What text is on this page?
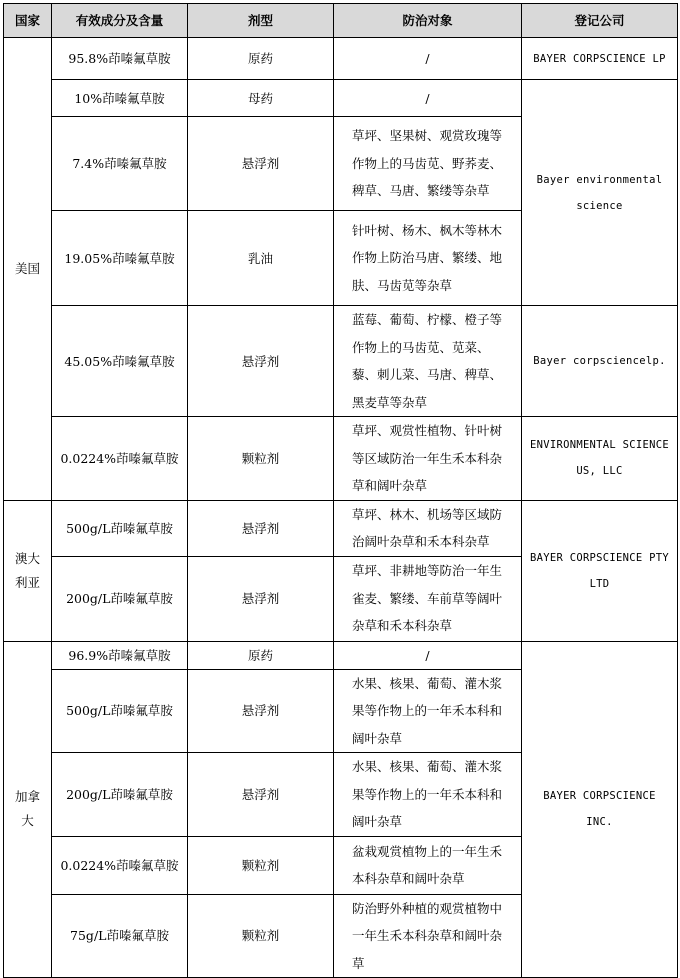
国家	有效成分及含量	剂型	防治对象	登记公司
美国	95.8%茚嗪氟草胺	原药	/	BAYER CORPSCIENCE LP
	10%茚嗪氟草胺	母药	/	Bayer environmental science
	7.4%茚嗪氟草胺	悬浮剂	草坪、坚果树、观赏玫瑰等作物上的马齿苋、野荞麦、稗草、马唐、繁缕等杂草	
	19.05%茚嗪氟草胺	乳油	针叶树、杨木、枫木等林木作物上防治马唐、繁缕、地肤、马齿苋等杂草	
	45.05%茚嗪氟草胺	悬浮剂	蓝莓、葡萄、柠檬、橙子等作物上的马齿苋、苋菜、藜、刺儿菜、马唐、稗草、黑麦草等杂草	Bayer corpsciencelp.
	0.0224%茚嗪氟草胺	颗粒剂	草坪、观赏性植物、针叶树等区域防治一年生禾本科杂草和阔叶杂草	ENVIRONMENTAL SCIENCE US, LLC
澳大利亚	500g/L茚嗪氟草胺	悬浮剂	草坪、林木、机场等区域防治阔叶杂草和禾本科杂草	BAYER CORPSCIENCE PTY LTD
	200g/L茚嗪氟草胺	悬浮剂	草坪、非耕地等防治一年生雀麦、繁缕、车前草等阔叶杂草和禾本科杂草	
加拿大	96.9%茚嗪氟草胺	原药	/	BAYER CORPSCIENCE INC.
	500g/L茚嗪氟草胺	悬浮剂	水果、核果、葡萄、灌木浆果等作物上的一年禾本科和阔叶杂草	
	200g/L茚嗪氟草胺	悬浮剂	水果、核果、葡萄、灌木浆果等作物上的一年禾本科和阔叶杂草	
	0.0224%茚嗪氟草胺	颗粒剂	盆栽观赏植物上的一年生禾本科杂草和阔叶杂草	
	75g/L茚嗪氟草胺	颗粒剂	防治野外种植的观赏植物中一年生禾本科杂草和阔叶杂草	
